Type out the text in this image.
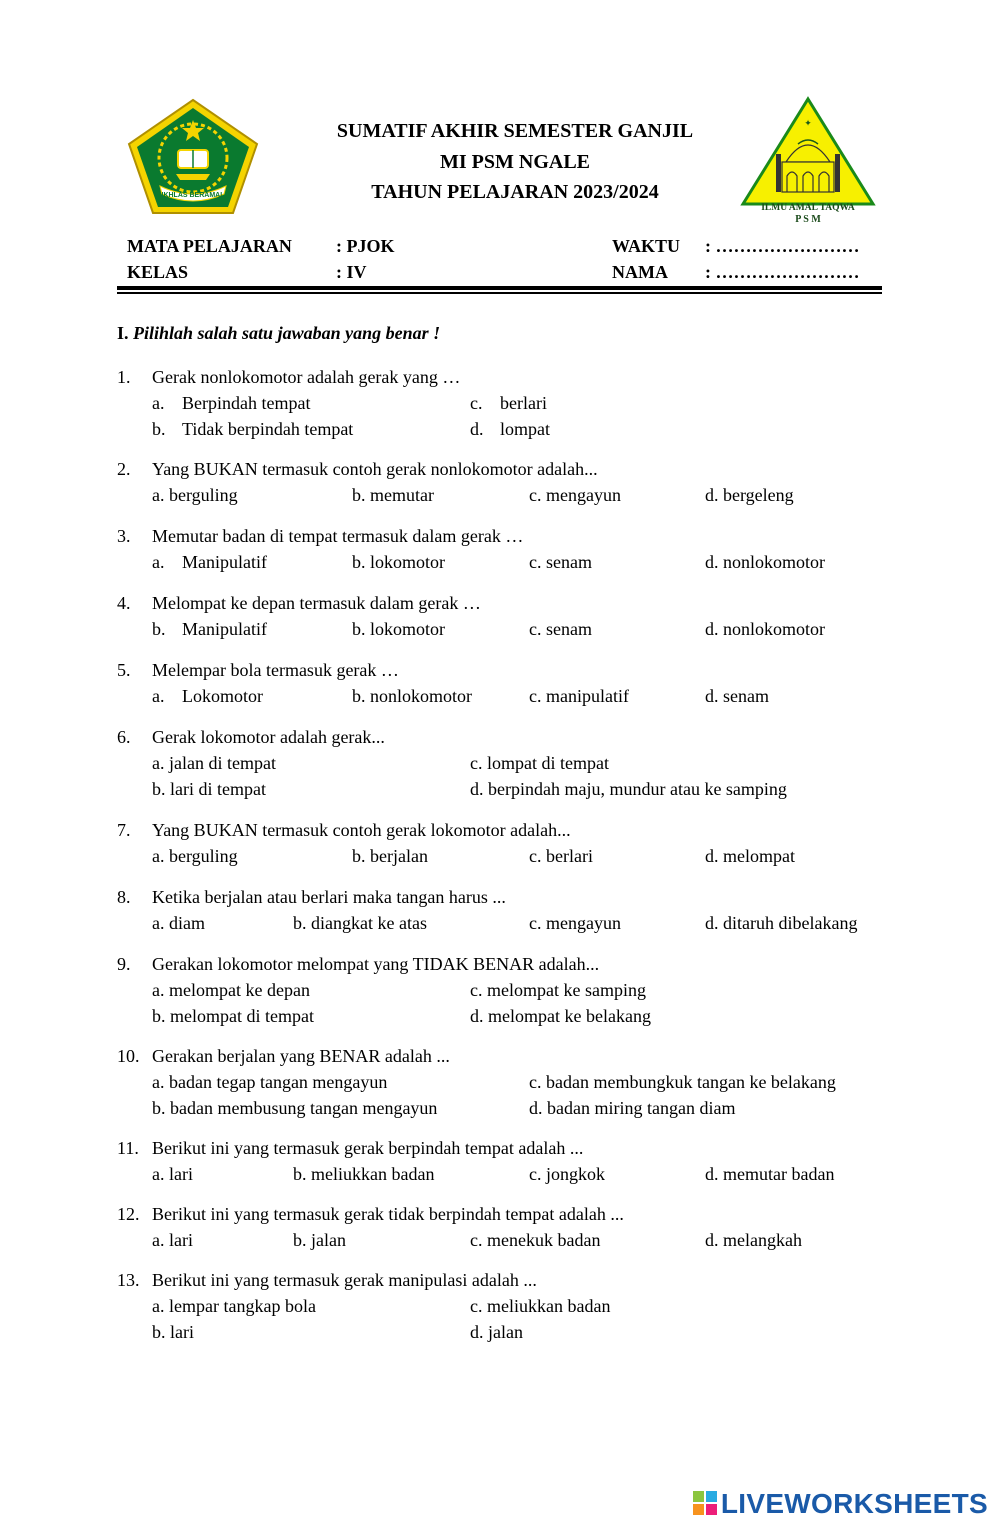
IKHLAS BERAMAL
SUMATIF AKHIR SEMESTER GANJIL
MI PSM NGALE
TAHUN PELAJARAN 2023/2024
✦
ILMU AMAL TAQWA
P S M
MATA PELAJARAN : PJOK	WAKTU : ……………………
KELAS	: IV	NAMA : ……………………
I. Pilihlah salah satu jawaban yang benar !
1. Gerak nonlokomotor adalah gerak yang …
a. Berpindah tempat	c. berlari
b. Tidak berpindah tempat	d. lompat
2. Yang BUKAN termasuk contoh gerak nonlokomotor adalah...
a. berguling	b. memutar	c. mengayun	d. bergeleng
3. Memutar badan di tempat termasuk dalam gerak …
a. Manipulatif	b. lokomotor	c. senam	d. nonlokomotor
4. Melompat ke depan termasuk dalam gerak …
b. Manipulatif	b. lokomotor	c. senam	d. nonlokomotor
5. Melempar bola termasuk gerak …
a. Lokomotor	b. nonlokomotor	c. manipulatif	d. senam
6. Gerak lokomotor adalah gerak...
a. jalan di tempat	c. lompat di tempat
b. lari di tempat	d. berpindah maju, mundur atau ke samping
7. Yang BUKAN termasuk contoh gerak lokomotor adalah...
a. berguling	b. berjalan	c. berlari	d. melompat
8. Ketika berjalan atau berlari maka tangan harus ...
a. diam	b. diangkat ke atas	c. mengayun	d. ditaruh dibelakang
9. Gerakan lokomotor melompat yang TIDAK BENAR adalah...
a. melompat ke depan	c. melompat ke samping
b. melompat di tempat	d. melompat ke belakang
10. Gerakan berjalan yang BENAR adalah ...
a. badan tegap tangan mengayun	c. badan membungkuk tangan ke belakang
b. badan membusung tangan mengayun	d. badan miring tangan diam
11. Berikut ini yang termasuk gerak berpindah tempat adalah ...
a. lari	b. meliukkan badan	c. jongkok	d. memutar badan
12. Berikut ini yang termasuk gerak tidak berpindah tempat adalah ...
a. lari	b. jalan	c. menekuk badan	d. melangkah
13. Berikut ini yang termasuk gerak manipulasi adalah ...
a. lempar tangkap bola	c. meliukkan badan
b. lari	d. jalan
LIVEWORKSHEETS
